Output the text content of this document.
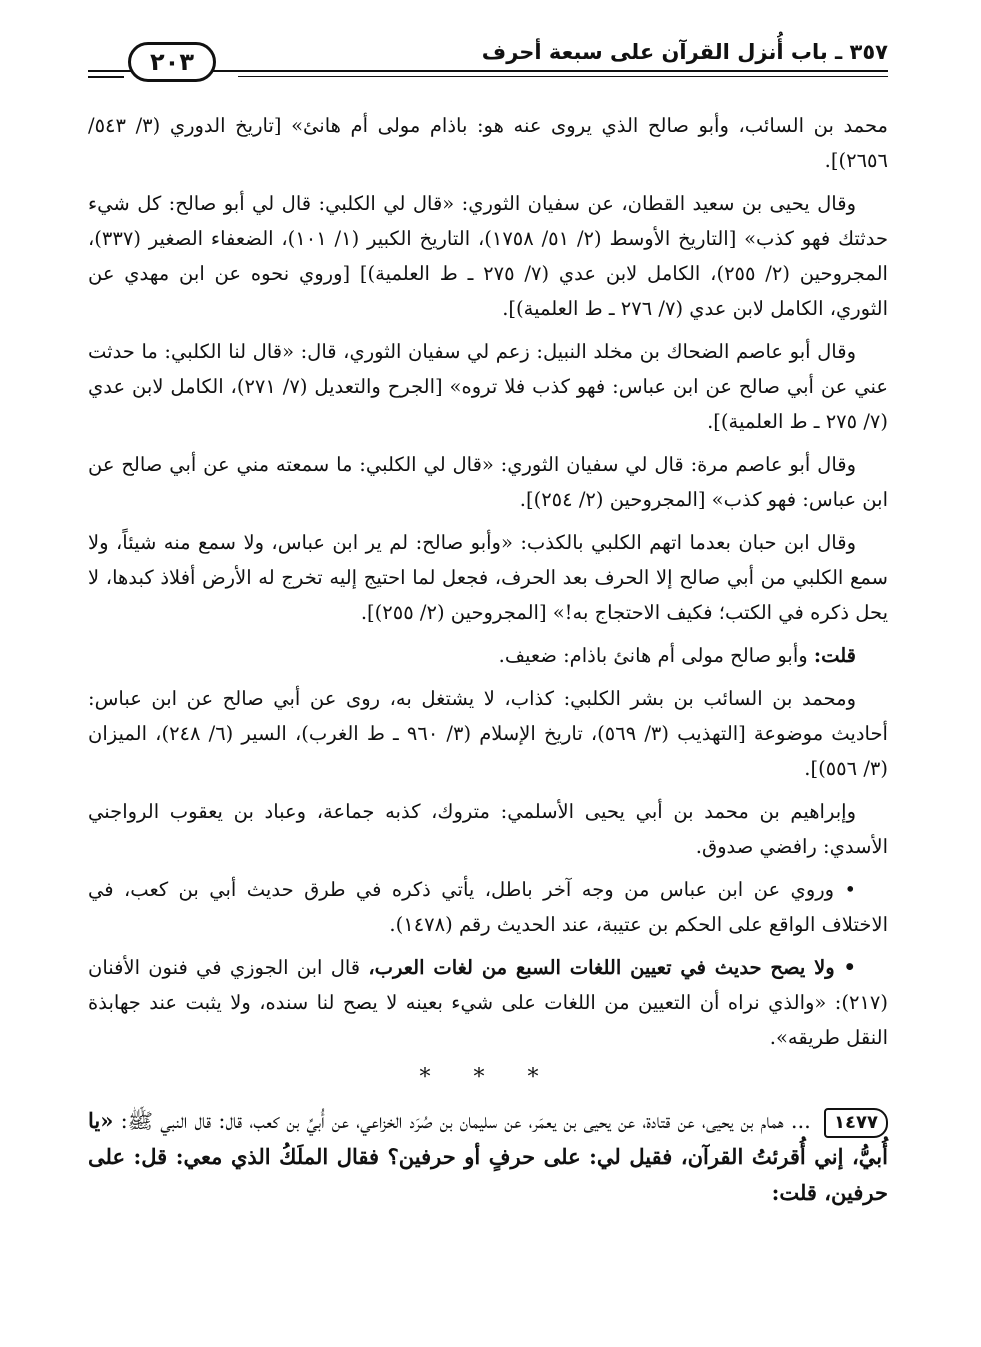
٣٥٧ ـ باب أُنزل القرآن على سبعة أحرف
٢٠٣

محمد بن السائب، وأبو صالح الذي يروى عنه هو: باذام مولى أم هانئ» [تاريخ الدوري (٣/ ٥٤٣/ ٢٦٥٦)].

وقال يحيى بن سعيد القطان، عن سفيان الثوري: «قال لي الكلبي: قال لي أبو صالح: كل شيء حدثتك فهو كذب» [التاريخ الأوسط (٢/ ٥١/ ١٧٥٨)، التاريخ الكبير (١/ ١٠١)، الضعفاء الصغير (٣٣٧)، المجروحين (٢/ ٢٥٥)، الكامل لابن عدي (٧/ ٢٧٥ ـ ط العلمية)] [وروي نحوه عن ابن مهدي عن الثوري، الكامل لابن عدي (٧/ ٢٧٦ ـ ط العلمية)].

وقال أبو عاصم الضحاك بن مخلد النبيل: زعم لي سفيان الثوري، قال: «قال لنا الكلبي: ما حدثت عني عن أبي صالح عن ابن عباس: فهو كذب فلا تروه» [الجرح والتعديل (٧/ ٢٧١)، الكامل لابن عدي (٧/ ٢٧٥ ـ ط العلمية)].

وقال أبو عاصم مرة: قال لي سفيان الثوري: «قال لي الكلبي: ما سمعته مني عن أبي صالح عن ابن عباس: فهو كذب» [المجروحين (٢/ ٢٥٤)].

وقال ابن حبان بعدما اتهم الكلبي بالكذب: «وأبو صالح: لم ير ابن عباس، ولا سمع منه شيئاً، ولا سمع الكلبي من أبي صالح إلا الحرف بعد الحرف، فجعل لما احتيج إليه تخرج له الأرض أفلاذ كبدها، لا يحل ذكره في الكتب؛ فكيف الاحتجاج به!» [المجروحين (٢/ ٢٥٥)].

قلت: وأبو صالح مولى أم هانئ باذام: ضعيف.

ومحمد بن السائب بن بشر الكلبي: كذاب، لا يشتغل به، روى عن أبي صالح عن ابن عباس: أحاديث موضوعة [التهذيب (٣/ ٥٦٩)، تاريخ الإسلام (٣/ ٩٦٠ ـ ط الغرب)، السير (٦/ ٢٤٨)، الميزان (٣/ ٥٥٦)].

وإبراهيم بن محمد بن أبي يحيى الأسلمي: متروك، كذبه جماعة، وعباد بن يعقوب الرواجني الأسدي: رافضي صدوق.

• وروي عن ابن عباس من وجه آخر باطل، يأتي ذكره في طرق حديث أبي بن كعب، في الاختلاف الواقع على الحكم بن عتيبة، عند الحديث رقم (١٤٧٨).

• ولا يصح حديث في تعيين اللغات السبع من لغات العرب، قال ابن الجوزي في فنون الأفنان (٢١٧): «والذي نراه أن التعيين من اللغات على شيء بعينه لا يصح لنا سنده، ولا يثبت عند جهابذة النقل طريقه».

* * *

١٤٧٧ ... همام بن يحيى، عن قتادة، عن يحيى بن يعمَر، عن سليمان بن صُرَد الخزاعي، عن أُبيِّ بن كعب، قال: قال النبي ﷺ: «يا أُبيُّ، إني أُقرئتُ القرآن، فقيل لي: على حرفٍ أو حرفين؟ فقال الملَكُ الذي معي: قل: على حرفين، قلت:
